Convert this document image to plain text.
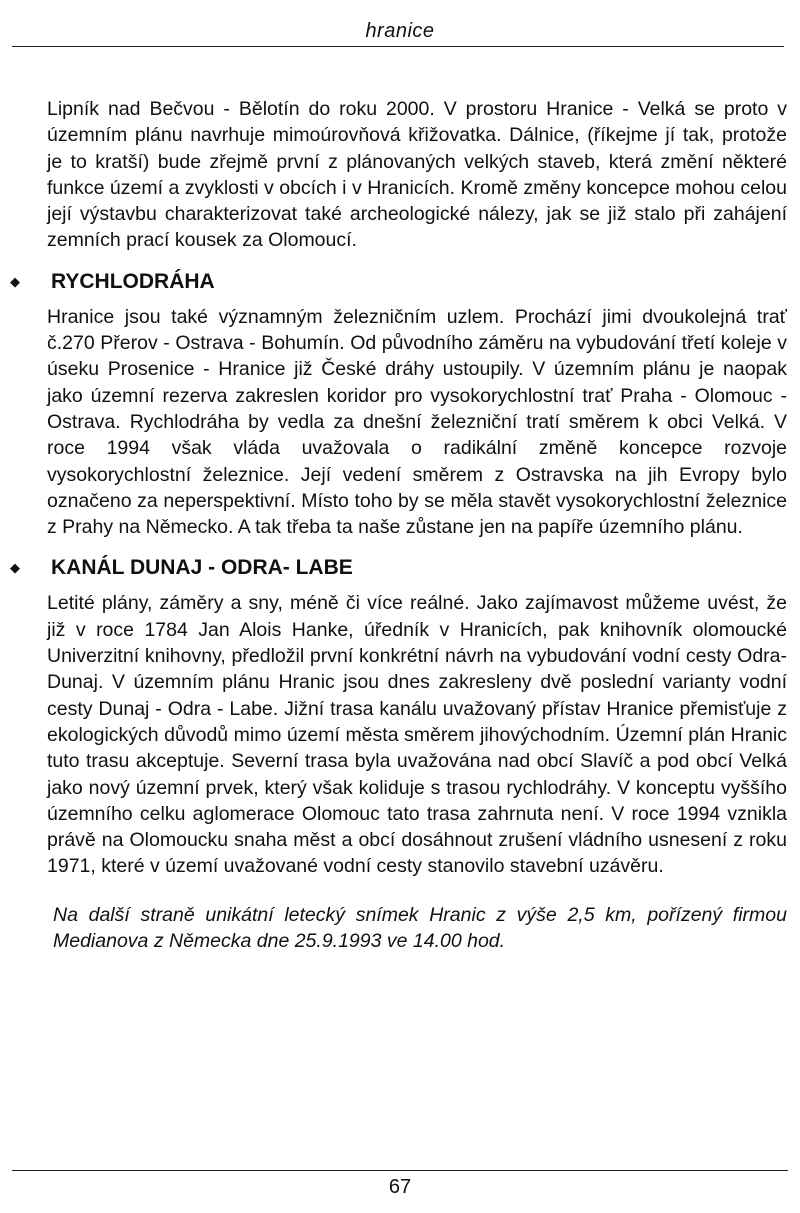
hranice

Lipník nad Bečvou - Bělotín do roku 2000. V prostoru Hranice - Velká se proto v územním plánu navrhuje mimoúrovňová křižovatka. Dálnice, (říkejme jí tak, protože je to kratší) bude zřejmě první z plánovaných velkých staveb, která změní některé funkce území a zvyklosti v obcích i v Hranicích. Kromě změny koncepce mohou celou její výstavbu charakterizovat také archeologické nálezy, jak se již stalo při zahájení zemních prací kousek za Olomoucí.

◆ RYCHLODRÁHA

Hranice jsou také významným železničním uzlem. Prochází jimi dvoukolejná trať č.270 Přerov - Ostrava - Bohumín. Od původního záměru na vybudování třetí koleje v úseku Prosenice - Hranice již České dráhy ustoupily. V územním plánu je naopak jako územní rezerva zakreslen koridor pro vysokorychlostní trať Praha - Olomouc - Ostrava. Rychlodráha by vedla za dnešní železniční tratí směrem k obci Velká. V roce 1994 však vláda uvažovala o radikální změně koncepce rozvoje vysokorychlostní železnice. Její vedení směrem z Ostravska na jih Evropy bylo označeno za neperspektivní. Místo toho by se měla stavět vysokorychlostní železnice z Prahy na Německo. A tak třeba ta naše zůstane jen na papíře územního plánu.

◆ KANÁL DUNAJ - ODRA- LABE

Letité plány, záměry a sny, méně či více reálné. Jako zajímavost můžeme uvést, že již v roce 1784 Jan Alois Hanke, úředník v Hranicích, pak knihovník olomoucké Univerzitní knihovny, předložil první konkrétní návrh na vybudování vodní cesty Odra-Dunaj. V územním plánu Hranic jsou dnes zakresleny dvě poslední varianty vodní cesty Dunaj - Odra - Labe. Jižní trasa kanálu uvažovaný přístav Hranice přemisťuje z ekologických důvodů mimo území města směrem jihovýchodním. Územní plán Hranic tuto trasu akceptuje. Severní trasa byla uvažována nad obcí Slavíč a pod obcí Velká jako nový územní prvek, který však koliduje s trasou rychlodráhy. V konceptu vyššího územního celku aglomerace Olomouc tato trasa zahrnuta není. V roce 1994 vznikla právě na Olomoucku snaha měst a obcí dosáhnout zrušení vládního usnesení z roku 1971, které v území uvažované vodní cesty stanovilo stavební uzávěru.

Na další straně unikátní letecký snímek Hranic z výše 2,5 km, pořízený firmou Medianova z Německa dne 25.9.1993 ve 14.00 hod.

67
